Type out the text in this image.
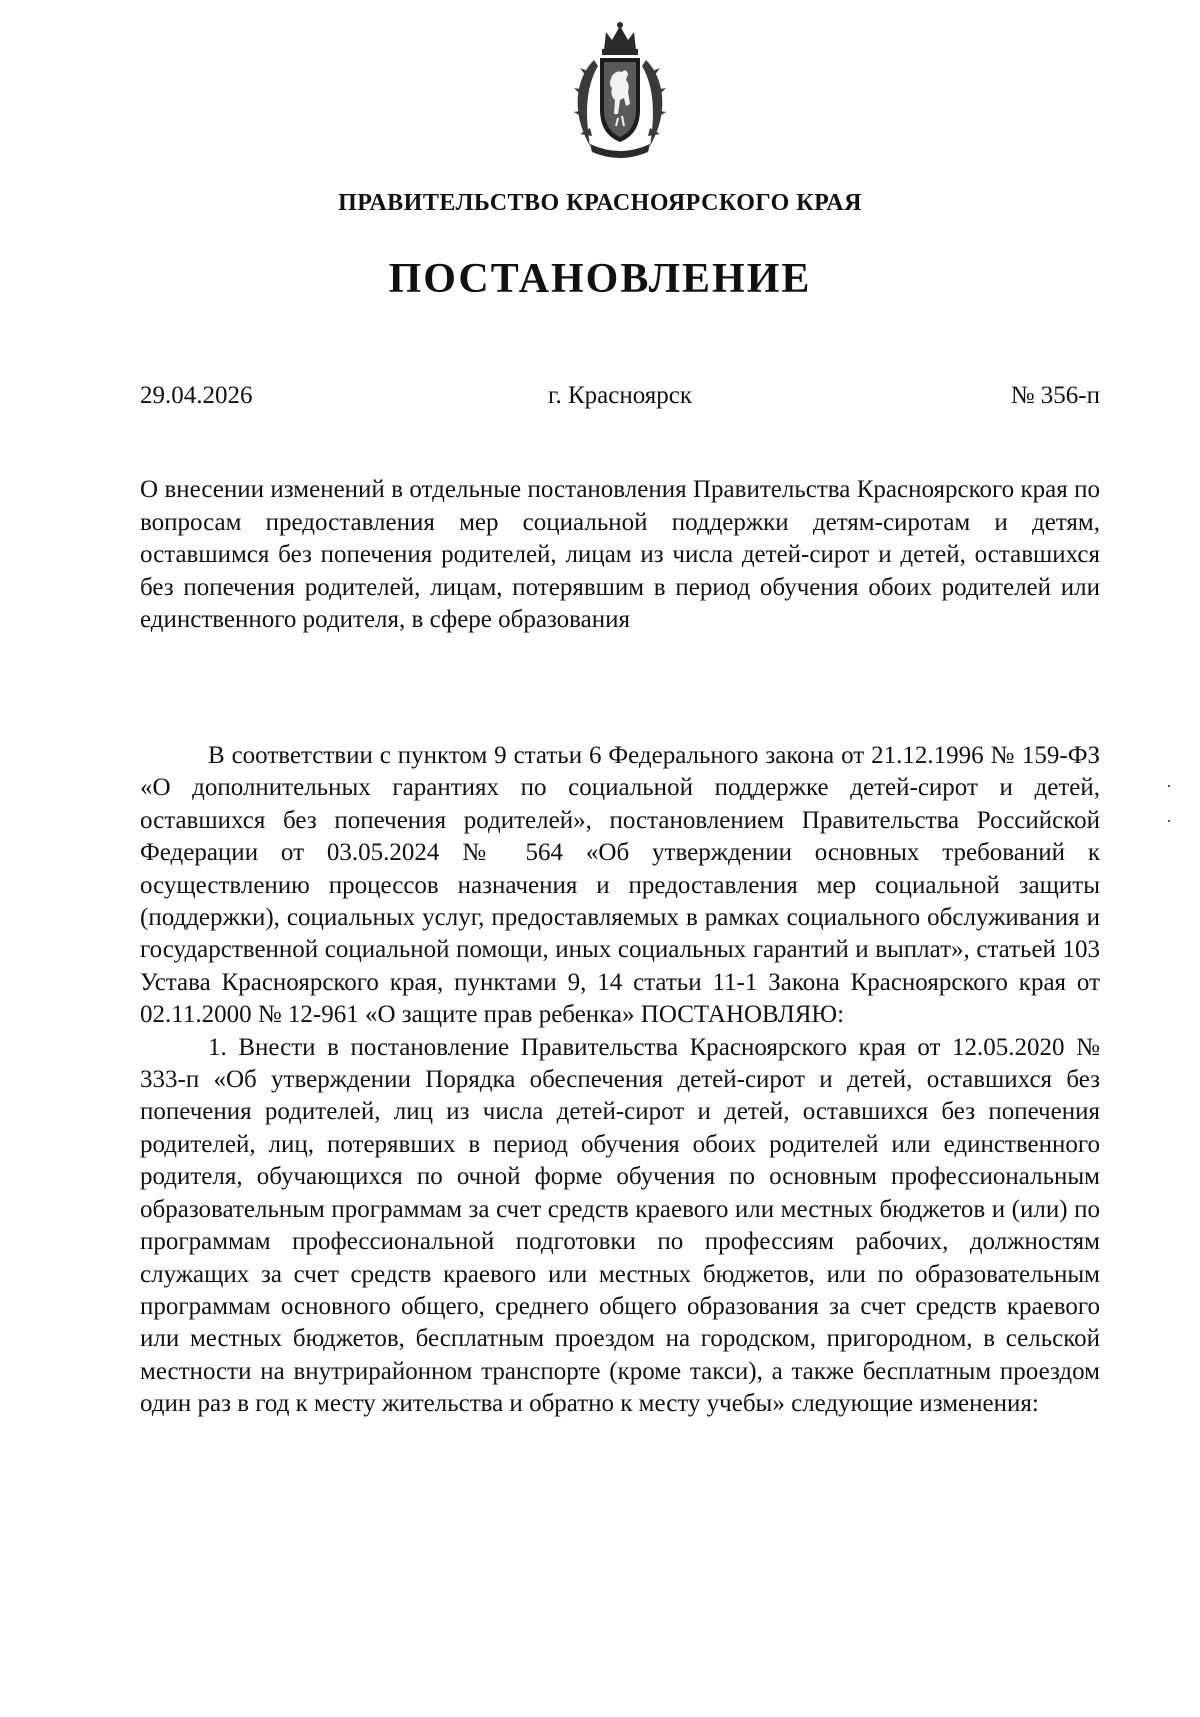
ПРАВИТЕЛЬСТВО КРАСНОЯРСКОГО КРАЯ
ПОСТАНОВЛЕНИЕ
29.04.2026	г. Красноярск	№ 356-п

О внесении изменений в отдельные постановления Правительства Красноярского края по вопросам предоставления мер социальной поддержки детям-сиротам и детям, оставшимся без попечения родителей, лицам из числа детей-сирот и детей, оставшихся без попечения родителей, лицам, потерявшим в период обучения обоих родителей или единственного родителя, в сфере образования

В соответствии с пунктом 9 статьи 6 Федерального закона от 21.12.1996 № 159-ФЗ «О дополнительных гарантиях по социальной поддержке детей-сирот и детей, оставшихся без попечения родителей», постановлением Правительства Российской Федерации от 03.05.2024 № 564 «Об утверждении основных требований к осуществлению процессов назначения и предоставления мер социальной защиты (поддержки), социальных услуг, предоставляемых в рамках социального обслуживания и государственной социальной помощи, иных социальных гарантий и выплат», статьей 103 Устава Красноярского края, пунктами 9, 14 статьи 11-1 Закона Красноярского края от 02.11.2000 № 12-961 «О защите прав ребенка» ПОСТАНОВЛЯЮ:

1. Внести в постановление Правительства Красноярского края от 12.05.2020 № 333-п «Об утверждении Порядка обеспечения детей-сирот и детей, оставшихся без попечения родителей, лиц из числа детей-сирот и детей, оставшихся без попечения родителей, лиц, потерявших в период обучения обоих родителей или единственного родителя, обучающихся по очной форме обучения по основным профессиональным образовательным программам за счет средств краевого или местных бюджетов и (или) по программам профессиональной подготовки по профессиям рабочих, должностям служащих за счет средств краевого или местных бюджетов, или по образовательным программам основного общего, среднего общего образования за счет средств краевого или местных бюджетов, бесплатным проездом на городском, пригородном, в сельской местности на внутрирайонном транспорте (кроме такси), а также бесплатным проездом один раз в год к месту жительства и обратно к месту учебы» следующие изменения:
